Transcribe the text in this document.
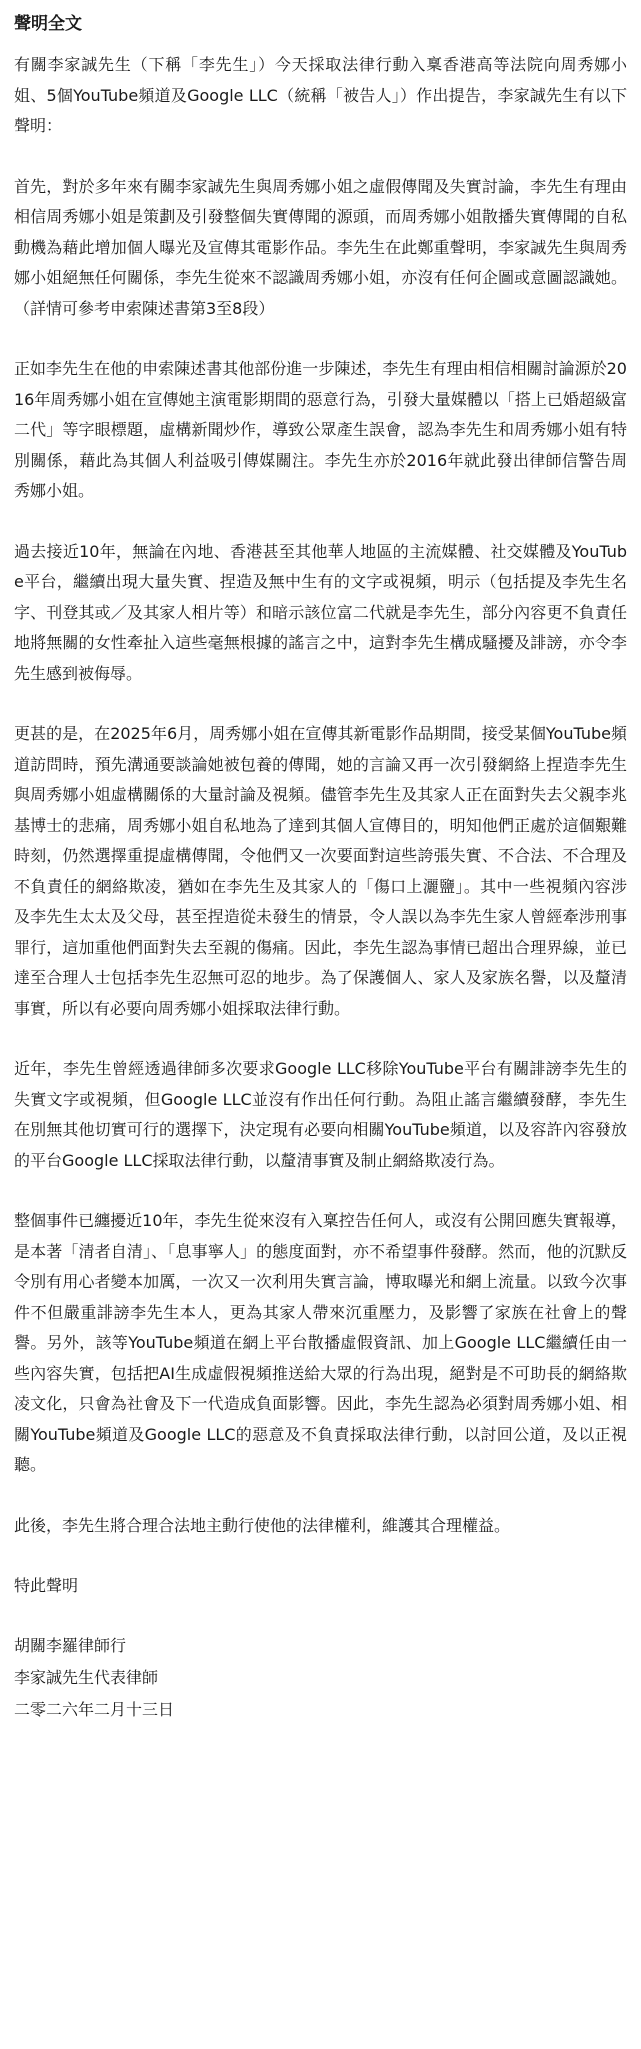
聲明全文
有關李家誠先生（下稱「李先生」）今天採取法律行動入稟香港高等法院向周秀娜小姐、5個YouTube頻道及Google LLC（統稱「被告人」）作出提告，李家誠先生有以下聲明：
首先，對於多年來有關李家誠先生與周秀娜小姐之虛假傳聞及失實討論，李先生有理由相信周秀娜小姐是策劃及引發整個失實傳聞的源頭，而周秀娜小姐散播失實傳聞的自私動機為藉此增加個人曝光及宣傳其電影作品。李先生在此鄭重聲明，李家誠先生與周秀娜小姐絕無任何關係，李先生從來不認識周秀娜小姐，亦沒有任何企圖或意圖認識她。（詳情可參考申索陳述書第3至8段）
正如李先生在他的申索陳述書其他部份進一步陳述，李先生有理由相信相關討論源於2016年周秀娜小姐在宣傳她主演電影期間的惡意行為，引發大量媒體以「搭上已婚超級富二代」等字眼標題，虛構新聞炒作，導致公眾產生誤會，認為李先生和周秀娜小姐有特別關係，藉此為其個人利益吸引傳媒關注。李先生亦於2016年就此發出律師信警告周秀娜小姐。
過去接近10年，無論在內地、香港甚至其他華人地區的主流媒體、社交媒體及YouTube平台，繼續出現大量失實、捏造及無中生有的文字或視頻，明示（包括提及李先生名字、刊登其或／及其家人相片等）和暗示該位富二代就是李先生，部分內容更不負責任地將無關的女性牽扯入這些毫無根據的謠言之中，這對李先生構成騷擾及誹謗，亦令李先生感到被侮辱。
更甚的是，在2025年6月，周秀娜小姐在宣傳其新電影作品期間，接受某個YouTube頻道訪問時，預先溝通要談論她被包養的傳聞，她的言論又再一次引發網絡上捏造李先生與周秀娜小姐虛構關係的大量討論及視頻。儘管李先生及其家人正在面對失去父親李兆基博士的悲痛，周秀娜小姐自私地為了達到其個人宣傳目的，明知他們正處於這個艱難時刻，仍然選擇重提虛構傳聞，令他們又一次要面對這些誇張失實、不合法、不合理及不負責任的網絡欺凌，猶如在李先生及其家人的「傷口上灑鹽」。其中一些視頻內容涉及李先生太太及父母，甚至捏造從未發生的情景，令人誤以為李先生家人曾經牽涉刑事罪行，這加重他們面對失去至親的傷痛。因此，李先生認為事情已超出合理界線，並已達至合理人士包括李先生忍無可忍的地步。為了保護個人、家人及家族名譽，以及釐清事實，所以有必要向周秀娜小姐採取法律行動。
近年，李先生曾經透過律師多次要求Google LLC移除YouTube平台有關誹謗李先生的失實文字或視頻，但Google LLC並沒有作出任何行動。為阻止謠言繼續發酵，李先生在別無其他切實可行的選擇下，決定現有必要向相關YouTube頻道，以及容許內容發放的平台Google LLC採取法律行動，以釐清事實及制止網絡欺凌行為。
整個事件已纏擾近10年，李先生從來沒有入稟控告任何人，或沒有公開回應失實報導，是本著「清者自清」、「息事寧人」的態度面對，亦不希望事件發酵。然而，他的沉默反令別有用心者變本加厲，一次又一次利用失實言論，博取曝光和網上流量。以致今次事件不但嚴重誹謗李先生本人，更為其家人帶來沉重壓力，及影響了家族在社會上的聲譽。另外，該等YouTube頻道在網上平台散播虛假資訊、加上Google LLC繼續任由一些內容失實，包括把AI生成虛假視頻推送給大眾的行為出現，絕對是不可助長的網絡欺凌文化，只會為社會及下一代造成負面影響。因此，李先生認為必須對周秀娜小姐、相關YouTube頻道及Google LLC的惡意及不負責採取法律行動，以討回公道，及以正視聽。
此後，李先生將合理合法地主動行使他的法律權利，維護其合理權益。
特此聲明
胡關李羅律師行
李家誠先生代表律師
二零二六年二月十三日
